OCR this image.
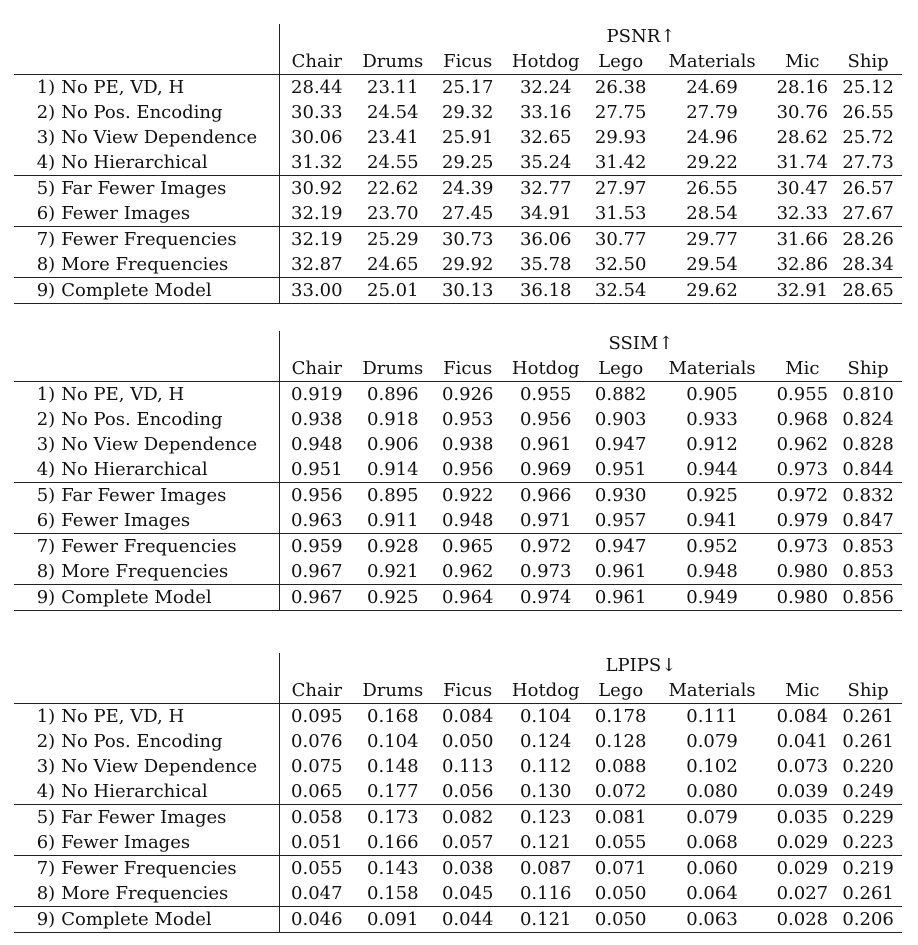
		PSNR↑							
		Chair	Drums	Ficus	Hotdog	Lego	Materials	Mic	Ship
1)	No PE, VD, H	28.44	23.11	25.17	32.24	26.38	24.69	28.16	25.12
2)	No Pos. Encoding	30.33	24.54	29.32	33.16	27.75	27.79	30.76	26.55
3)	No View Dependence	30.06	23.41	25.91	32.65	29.93	24.96	28.62	25.72
4)	No Hierarchical	31.32	24.55	29.25	35.24	31.42	29.22	31.74	27.73
5)	Far Fewer Images	30.92	22.62	24.39	32.77	27.97	26.55	30.47	26.57
6)	Fewer Images	32.19	23.70	27.45	34.91	31.53	28.54	32.33	27.67
7)	Fewer Frequencies	32.19	25.29	30.73	36.06	30.77	29.77	31.66	28.26
8)	More Frequencies	32.87	24.65	29.92	35.78	32.50	29.54	32.86	28.34
9)	Complete Model	33.00	25.01	30.13	36.18	32.54	29.62	32.91	28.65
		SSIM↑							
		Chair	Drums	Ficus	Hotdog	Lego	Materials	Mic	Ship
1)	No PE, VD, H	0.919	0.896	0.926	0.955	0.882	0.905	0.955	0.810
2)	No Pos. Encoding	0.938	0.918	0.953	0.956	0.903	0.933	0.968	0.824
3)	No View Dependence	0.948	0.906	0.938	0.961	0.947	0.912	0.962	0.828
4)	No Hierarchical	0.951	0.914	0.956	0.969	0.951	0.944	0.973	0.844
5)	Far Fewer Images	0.956	0.895	0.922	0.966	0.930	0.925	0.972	0.832
6)	Fewer Images	0.963	0.911	0.948	0.971	0.957	0.941	0.979	0.847
7)	Fewer Frequencies	0.959	0.928	0.965	0.972	0.947	0.952	0.973	0.853
8)	More Frequencies	0.967	0.921	0.962	0.973	0.961	0.948	0.980	0.853
9)	Complete Model	0.967	0.925	0.964	0.974	0.961	0.949	0.980	0.856
		LPIPS↓							
		Chair	Drums	Ficus	Hotdog	Lego	Materials	Mic	Ship
1)	No PE, VD, H	0.095	0.168	0.084	0.104	0.178	0.111	0.084	0.261
2)	No Pos. Encoding	0.076	0.104	0.050	0.124	0.128	0.079	0.041	0.261
3)	No View Dependence	0.075	0.148	0.113	0.112	0.088	0.102	0.073	0.220
4)	No Hierarchical	0.065	0.177	0.056	0.130	0.072	0.080	0.039	0.249
5)	Far Fewer Images	0.058	0.173	0.082	0.123	0.081	0.079	0.035	0.229
6)	Fewer Images	0.051	0.166	0.057	0.121	0.055	0.068	0.029	0.223
7)	Fewer Frequencies	0.055	0.143	0.038	0.087	0.071	0.060	0.029	0.219
8)	More Frequencies	0.047	0.158	0.045	0.116	0.050	0.064	0.027	0.261
9)	Complete Model	0.046	0.091	0.044	0.121	0.050	0.063	0.028	0.206
